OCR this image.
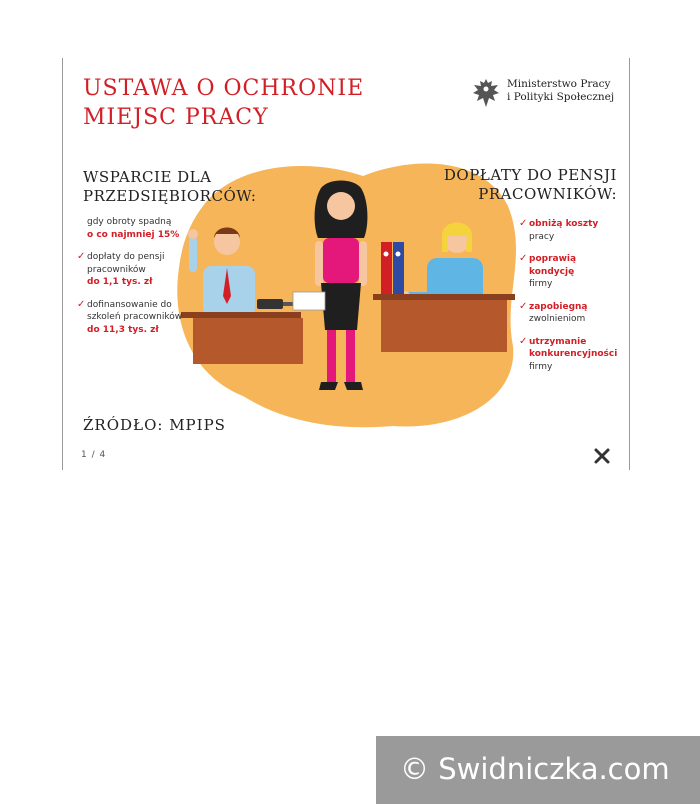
USTAWA O OCHRONIE
MIEJSC PRACY
Ministerstwo Pracy
i Polityki Społecznej
WSPARCIE DLA
PRZEDSIĘBIORCÓW:
DOPŁATY DO PENSJI
PRACOWNIKÓW:
gdy obroty spadną
o co najmniej 15%
✓ dopłaty do pensji pracowników
do 1,1 tys. zł
✓ dofinansowanie do szkoleń pracowników
do 11,3 tys. zł
✓ obniżą koszty
pracy
✓ poprawią kondycję
firmy
✓ zapobiegną
zwolnieniom
✓ utrzymanie konkurencyjności
firmy
ŹRÓDŁO: MPIPS
1 / 4
© Swidniczka.com
